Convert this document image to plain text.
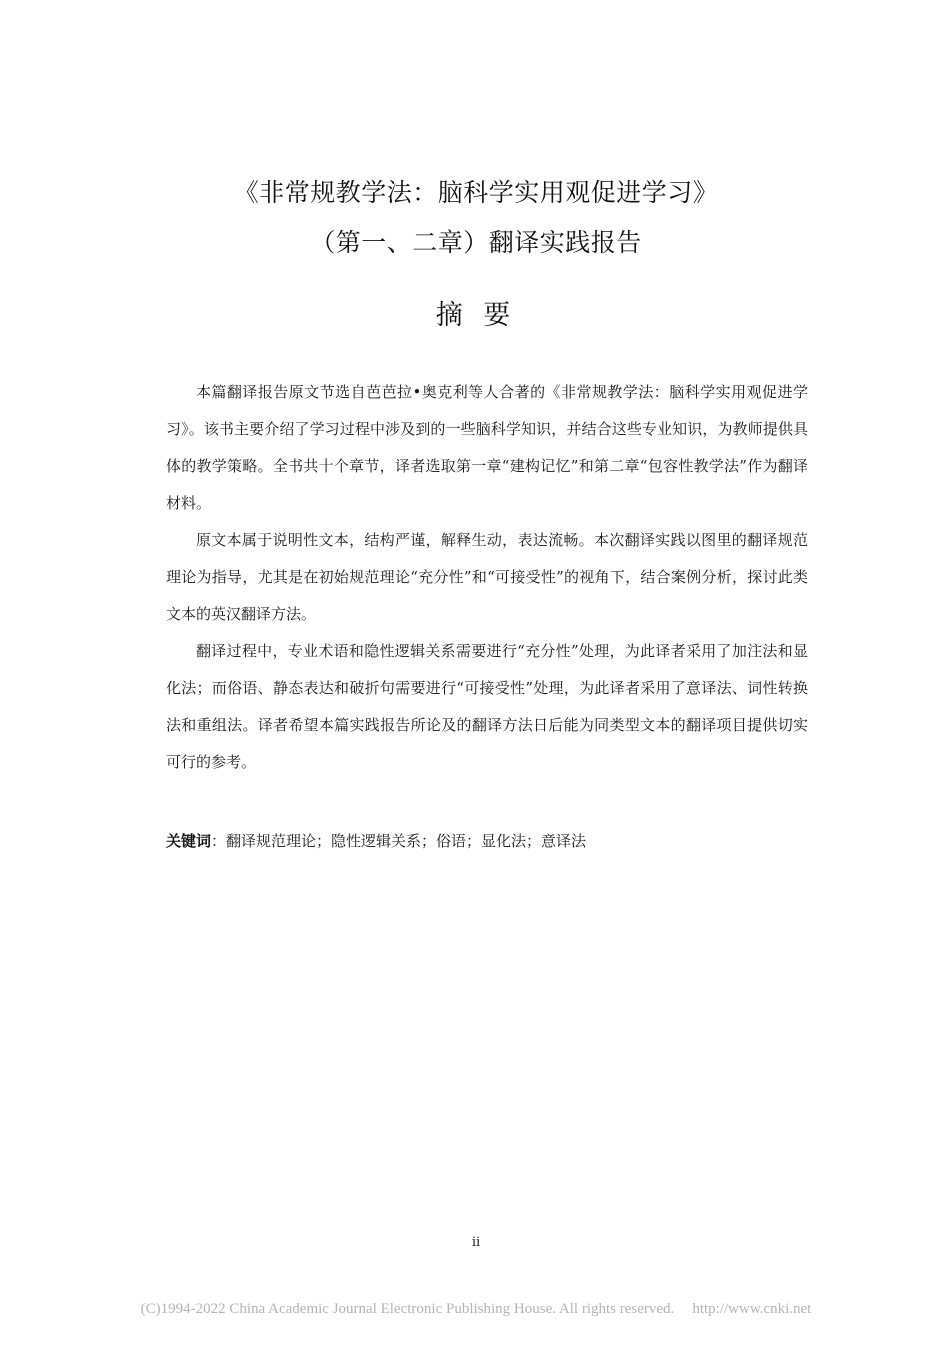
《非常规教学法：脑科学实用观促进学习》
（第一、二章）翻译实践报告
摘 要

本篇翻译报告原文节选自芭芭拉•奥克利等人合著的《非常规教学法：脑科学实用观促进学习》。该书主要介绍了学习过程中涉及到的一些脑科学知识，并结合这些专业知识，为教师提供具体的教学策略。全书共十个章节，译者选取第一章“建构记忆”和第二章“包容性教学法”作为翻译材料。

原文本属于说明性文本，结构严谨，解释生动，表达流畅。本次翻译实践以图里的翻译规范理论为指导，尤其是在初始规范理论“充分性”和“可接受性”的视角下，结合案例分析，探讨此类文本的英汉翻译方法。

翻译过程中，专业术语和隐性逻辑关系需要进行“充分性”处理，为此译者采用了加注法和显化法；而俗语、静态表达和破折句需要进行“可接受性”处理，为此译者采用了意译法、词性转换法和重组法。译者希望本篇实践报告所论及的翻译方法日后能为同类型文本的翻译项目提供切实可行的参考。

关键词：翻译规范理论；隐性逻辑关系；俗语；显化法；意译法
ii
(C)1994-2022 China Academic Journal Electronic Publishing House. All rights reserved. http://www.cnki.net
